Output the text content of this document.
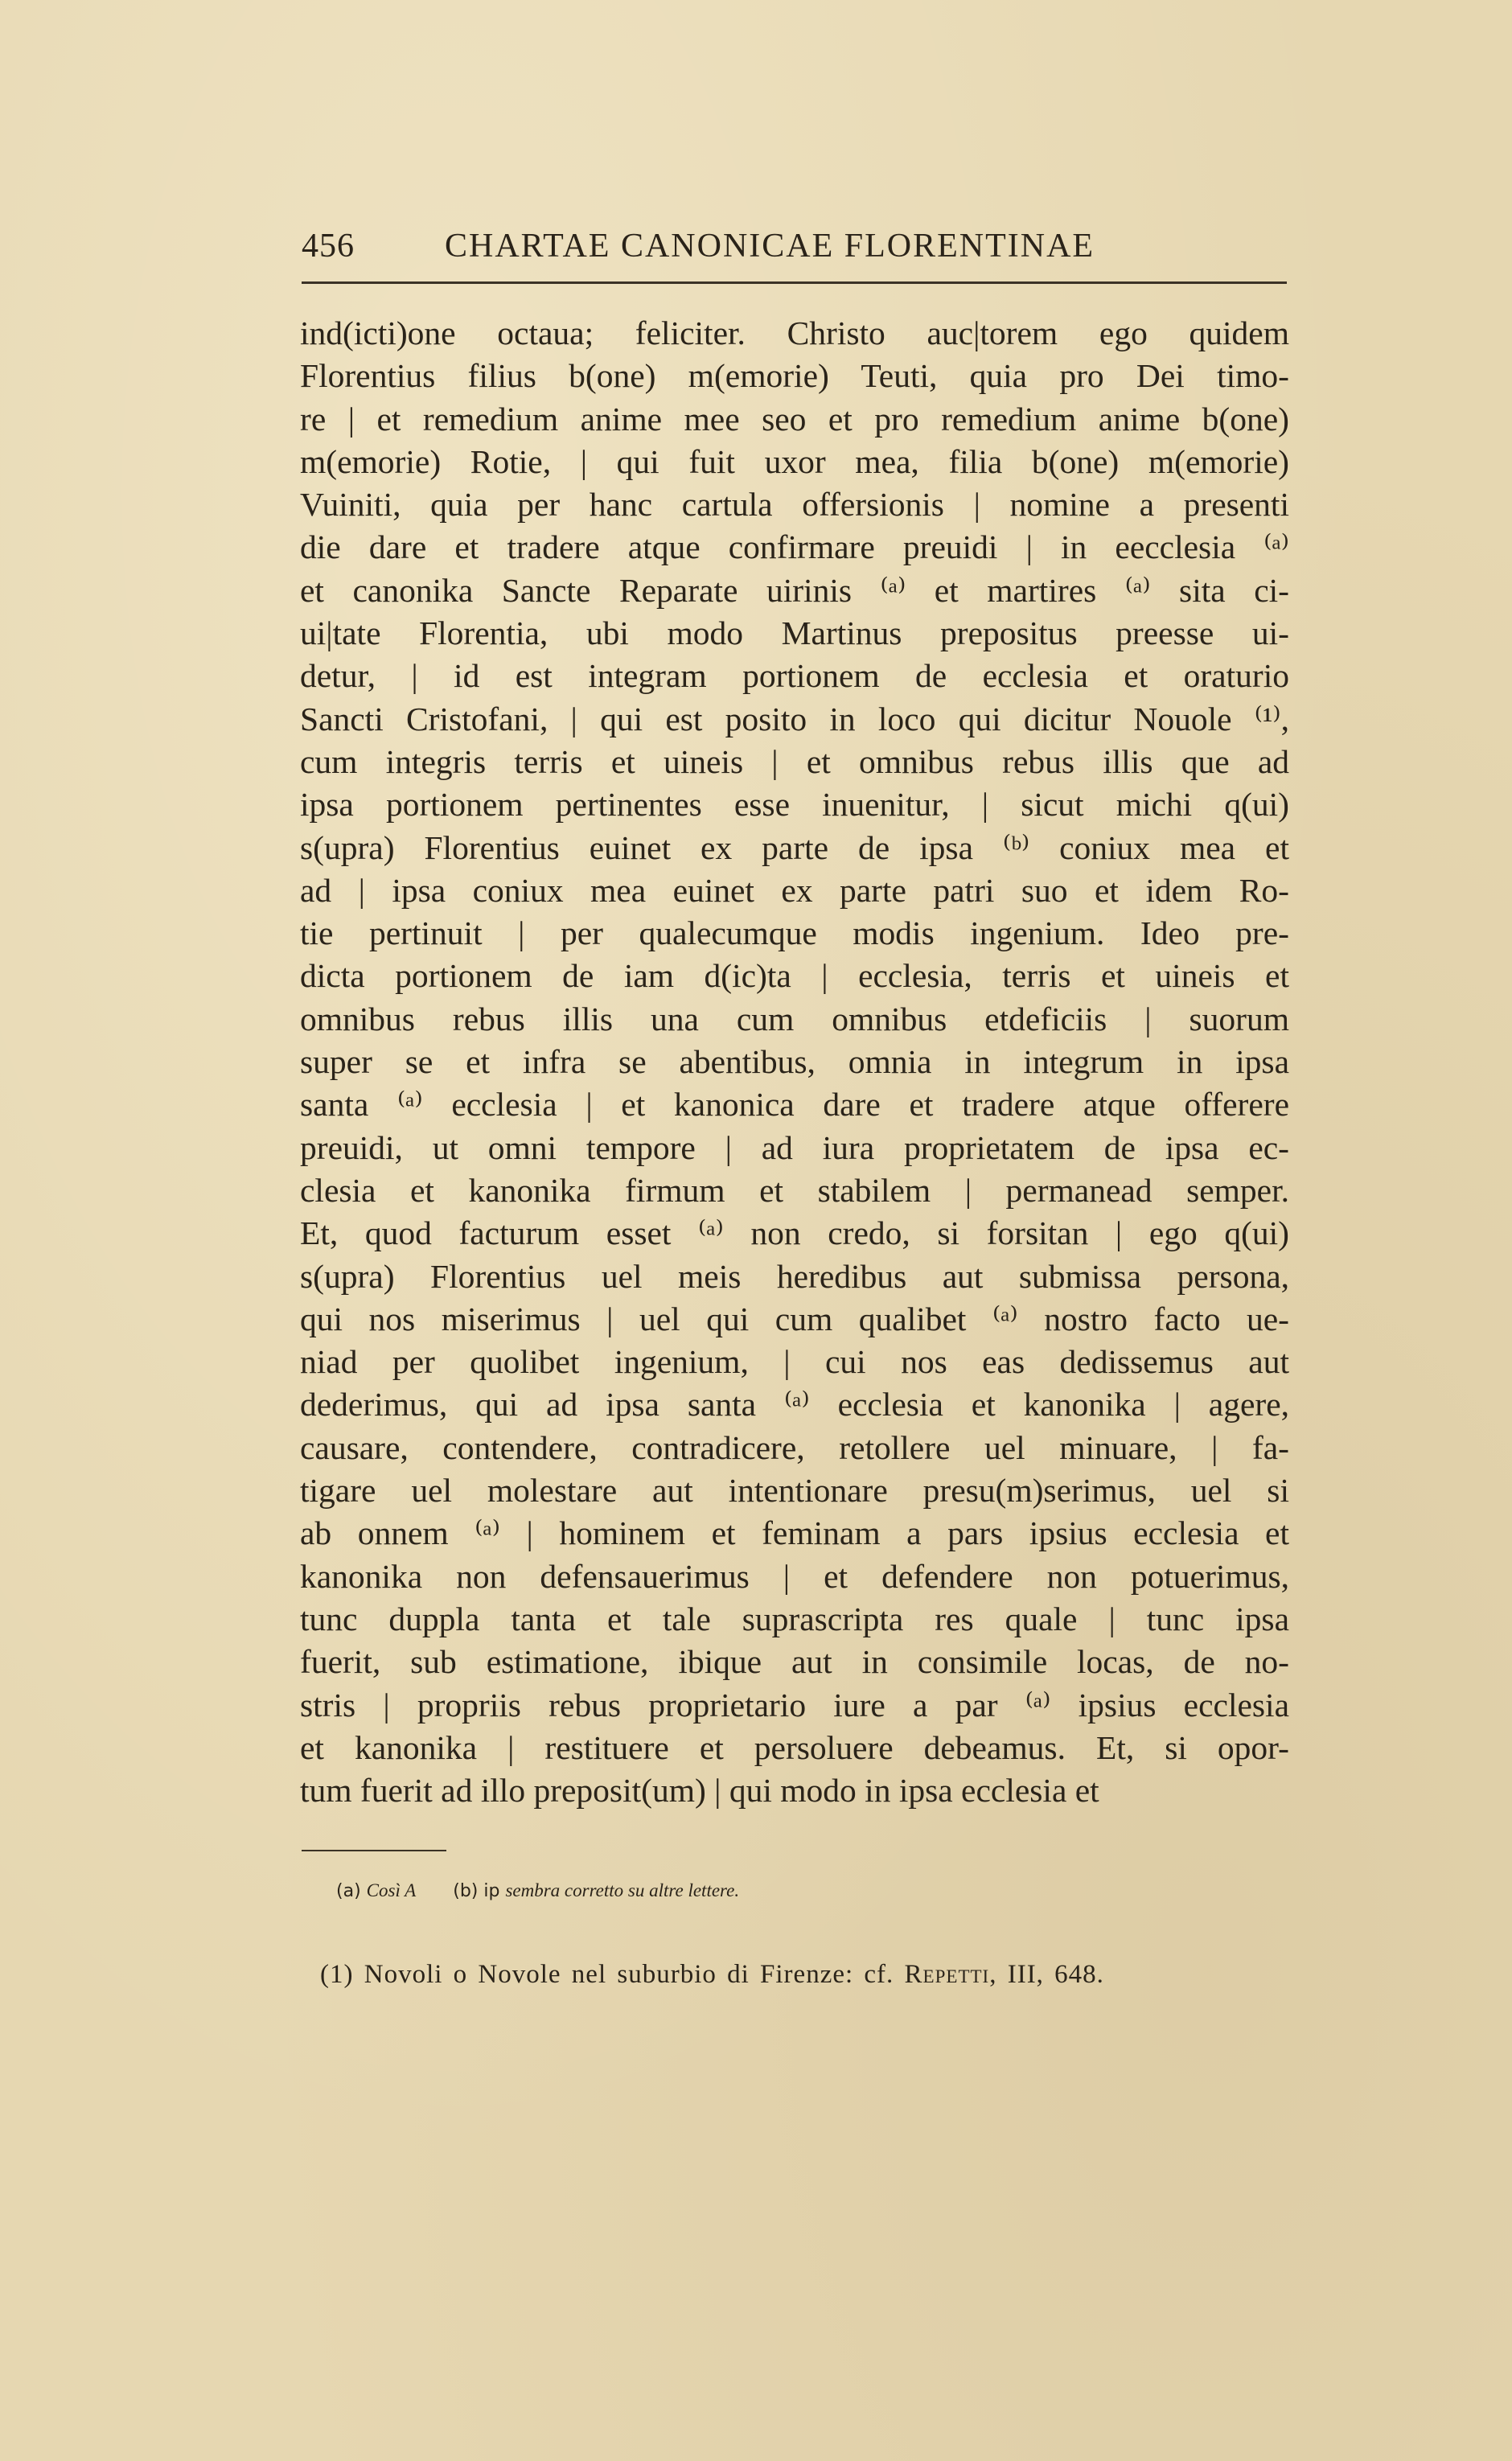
456	CHARTAE CANONICAE FLORENTINAE
ind(icti)one octaua; feliciter. Christo auc|torem ego quidem
Florentius filius b(one) m(emorie) Teuti, quia pro Dei timo-
re | et remedium anime mee seo et pro remedium anime b(one)
m(emorie) Rotie, | qui fuit uxor mea, filia b(one) m(emorie)
Vuiniti, quia per hanc cartula offersionis | nomine a presenti
die dare et tradere atque confirmare preuidi | in eecclesia ⁽ᵃ⁾
et canonika Sancte Reparate uirinis ⁽ᵃ⁾ et martires ⁽ᵃ⁾ sita ci-
ui|tate Florentia, ubi modo Martinus prepositus preesse ui-
detur, | id est integram portionem de ecclesia et oraturio
Sancti Cristofani, | qui est posito in loco qui dicitur Nouole ⁽¹⁾,
cum integris terris et uineis | et omnibus rebus illis que ad
ipsa portionem pertinentes esse inuenitur, | sicut michi q(ui)
s(upra) Florentius euinet ex parte de ipsa ⁽ᵇ⁾ coniux mea et
ad | ipsa coniux mea euinet ex parte patri suo et idem Ro-
tie pertinuit | per qualecumque modis ingenium. Ideo pre-
dicta portionem de iam d(ic)ta | ecclesia, terris et uineis et
omnibus rebus illis una cum omnibus etdeficiis | suorum
super se et infra se abentibus, omnia in integrum in ipsa
santa ⁽ᵃ⁾ ecclesia | et kanonica dare et tradere atque offerere
preuidi, ut omni tempore | ad iura proprietatem de ipsa ec-
clesia et kanonika firmum et stabilem | permanead semper.
Et, quod facturum esset ⁽ᵃ⁾ non credo, si forsitan | ego q(ui)
s(upra) Florentius uel meis heredibus aut submissa persona,
qui nos miserimus | uel qui cum qualibet ⁽ᵃ⁾ nostro facto ue-
niad per quolibet ingenium, | cui nos eas dedissemus aut
dederimus, qui ad ipsa santa ⁽ᵃ⁾ ecclesia et kanonika | agere,
causare, contendere, contradicere, retollere uel minuare, | fa-
tigare uel molestare aut intentionare presu(m)serimus, uel si
ab onnem ⁽ᵃ⁾ | hominem et feminam a pars ipsius ecclesia et
kanonika non defensauerimus | et defendere non potuerimus,
tunc duppla tanta et tale suprascripta res quale | tunc ipsa
fuerit, sub estimatione, ibique aut in consimile locas, de no-
stris | propriis rebus proprietario iure a par ⁽ᵃ⁾ ipsius ecclesia
et kanonika | restituere et persoluere debeamus. Et, si opor-
tum fuerit ad illo preposit(um) | qui modo in ipsa ecclesia et
(a) Così A (b) ip sembra corretto su altre lettere.
(1) Novoli o Novole nel suburbio di Firenze: cf. Repetti, III, 648.
